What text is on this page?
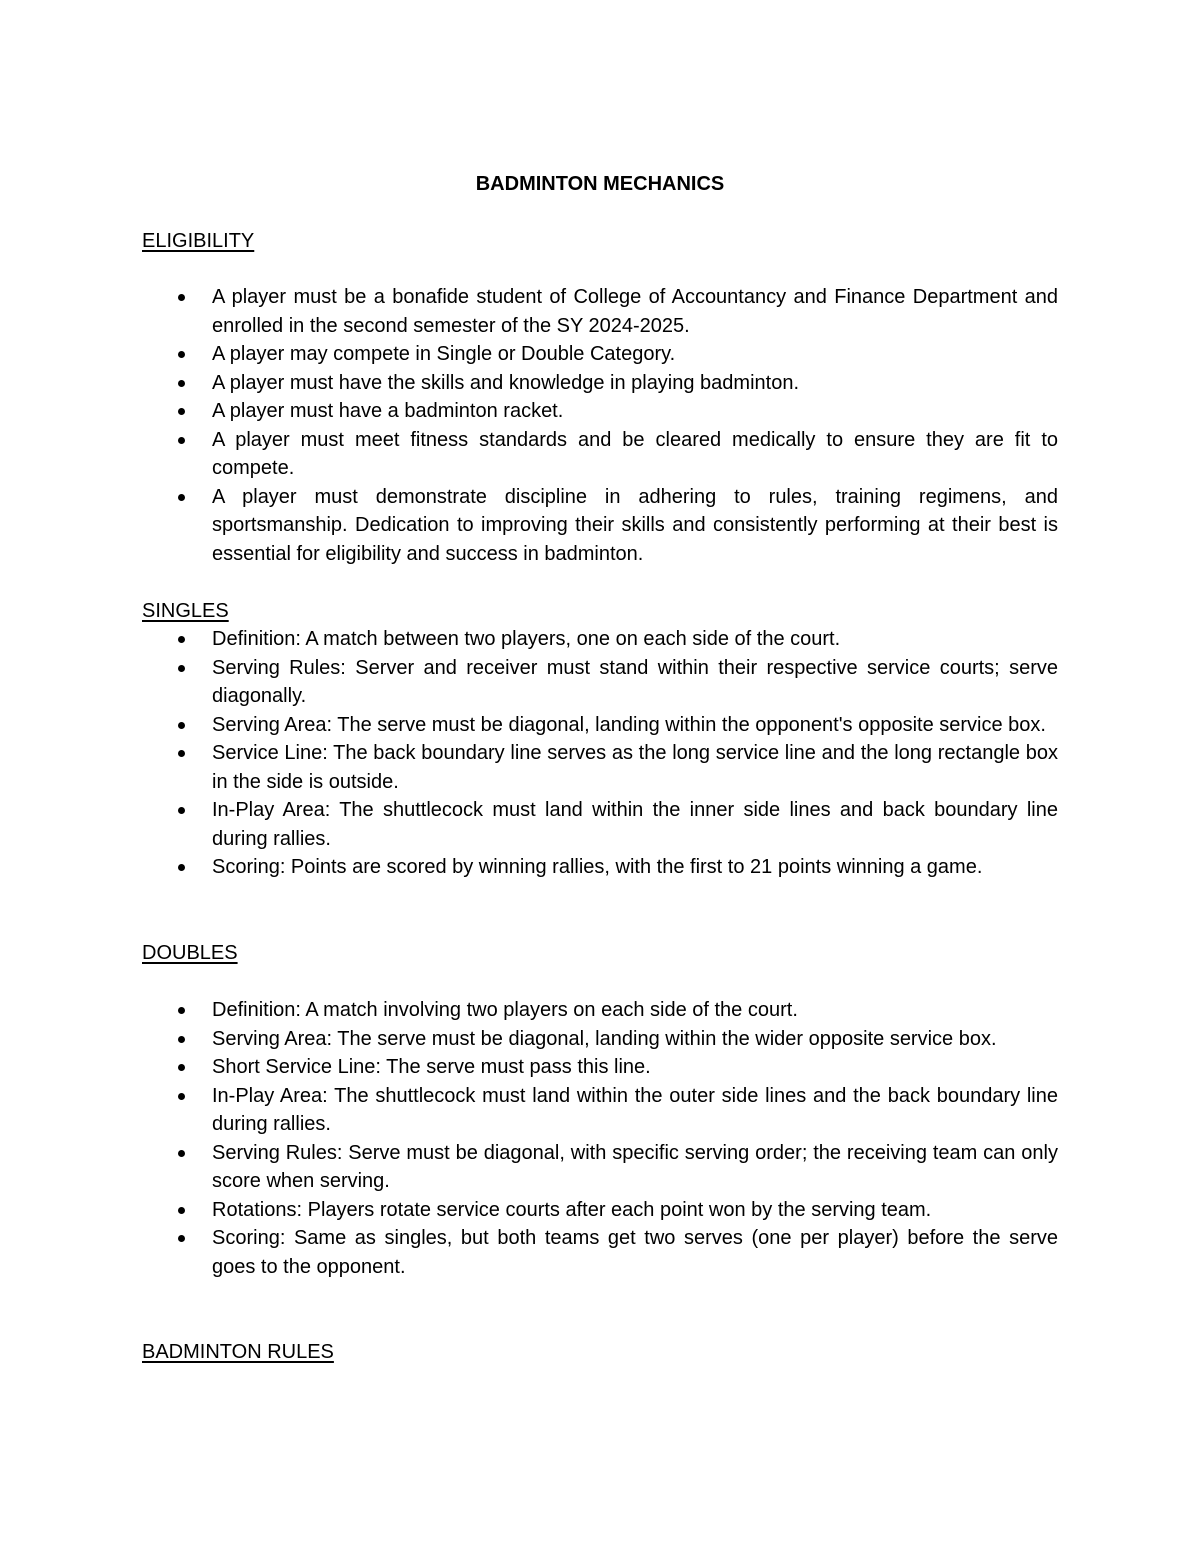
BADMINTON MECHANICS
ELIGIBILITY
A player must be a bonafide student of College of Accountancy and Finance Department and enrolled in the second semester of the SY 2024-2025.
A player may compete in Single or Double Category.
A player must have the skills and knowledge in playing badminton.
A player must have a badminton racket.
A player must meet fitness standards and be cleared medically to ensure they are fit to compete.
A player must demonstrate discipline in adhering to rules, training regimens, and sportsmanship. Dedication to improving their skills and consistently performing at their best is essential for eligibility and success in badminton.
SINGLES
Definition: A match between two players, one on each side of the court.
Serving Rules: Server and receiver must stand within their respective service courts; serve diagonally.
Serving Area: The serve must be diagonal, landing within the opponent's opposite service box.
Service Line: The back boundary line serves as the long service line and the long rectangle box in the side is outside.
In-Play Area: The shuttlecock must land within the inner side lines and back boundary line during rallies.
Scoring: Points are scored by winning rallies, with the first to 21 points winning a game.
DOUBLES
Definition: A match involving two players on each side of the court.
Serving Area: The serve must be diagonal, landing within the wider opposite service box.
Short Service Line: The serve must pass this line.
In-Play Area: The shuttlecock must land within the outer side lines and the back boundary line during rallies.
Serving Rules: Serve must be diagonal, with specific serving order; the receiving team can only score when serving.
Rotations: Players rotate service courts after each point won by the serving team.
Scoring: Same as singles, but both teams get two serves (one per player) before the serve goes to the opponent.
BADMINTON RULES
